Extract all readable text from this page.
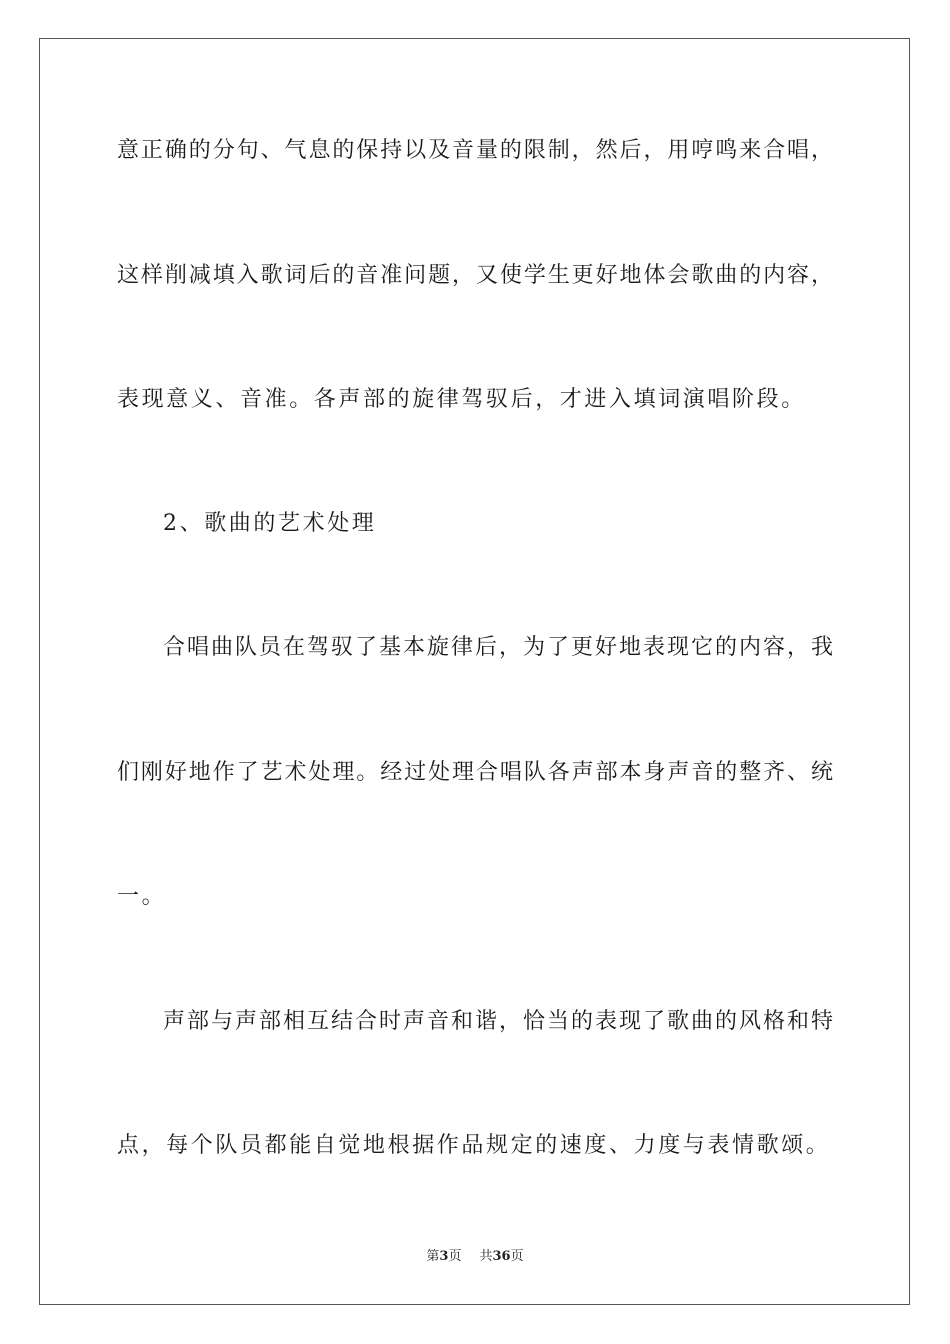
意正确的分句、气息的保持以及音量的限制，然后，用哼鸣来合唱，
这样削减填入歌词后的音准问题，又使学生更好地体会歌曲的内容，
表现意义、音准。各声部的旋律驾驭后，才进入填词演唱阶段。
2、歌曲的艺术处理
合唱曲队员在驾驭了基本旋律后，为了更好地表现它的内容，我
们刚好地作了艺术处理。经过处理合唱队各声部本身声音的整齐、统
一。
声部与声部相互结合时声音和谐，恰当的表现了歌曲的风格和特
点，每个队员都能自觉地根据作品规定的速度、力度与表情歌颂。
第3页 共36页
